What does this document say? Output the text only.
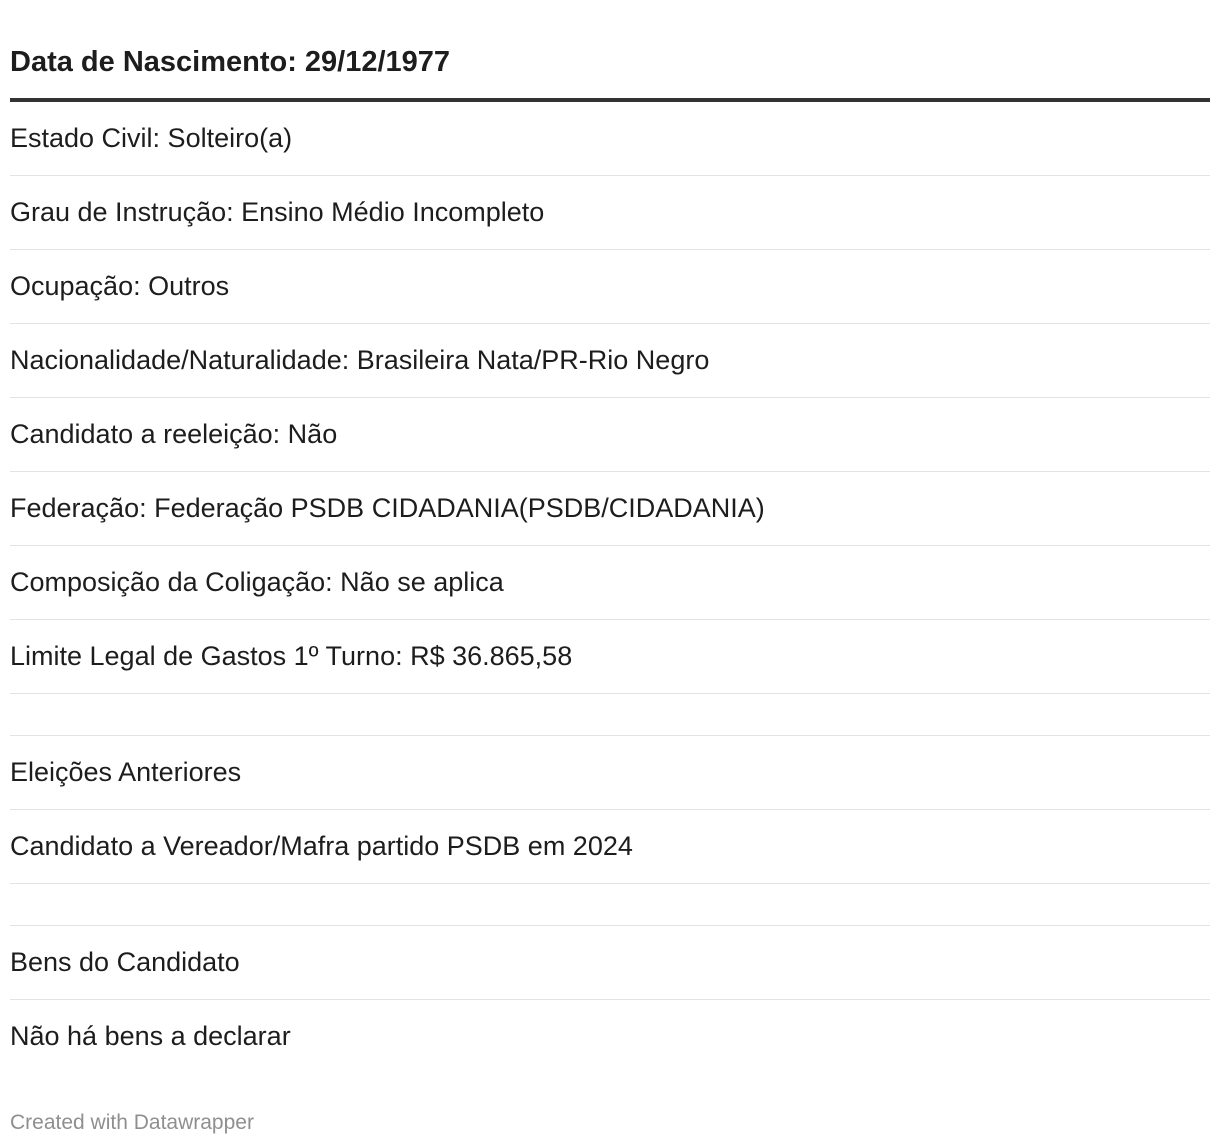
Data de Nascimento: 29/12/1977
Estado Civil: Solteiro(a)
Grau de Instrução: Ensino Médio Incompleto
Ocupação: Outros
Nacionalidade/Naturalidade: Brasileira Nata/PR-Rio Negro
Candidato a reeleição: Não
Federação: Federação PSDB CIDADANIA(PSDB/CIDADANIA)
Composição da Coligação: Não se aplica
Limite Legal de Gastos 1º Turno: R$ 36.865,58
Eleições Anteriores
Candidato a Vereador/Mafra partido PSDB em 2024
Bens do Candidato
Não há bens a declarar
Created with Datawrapper
